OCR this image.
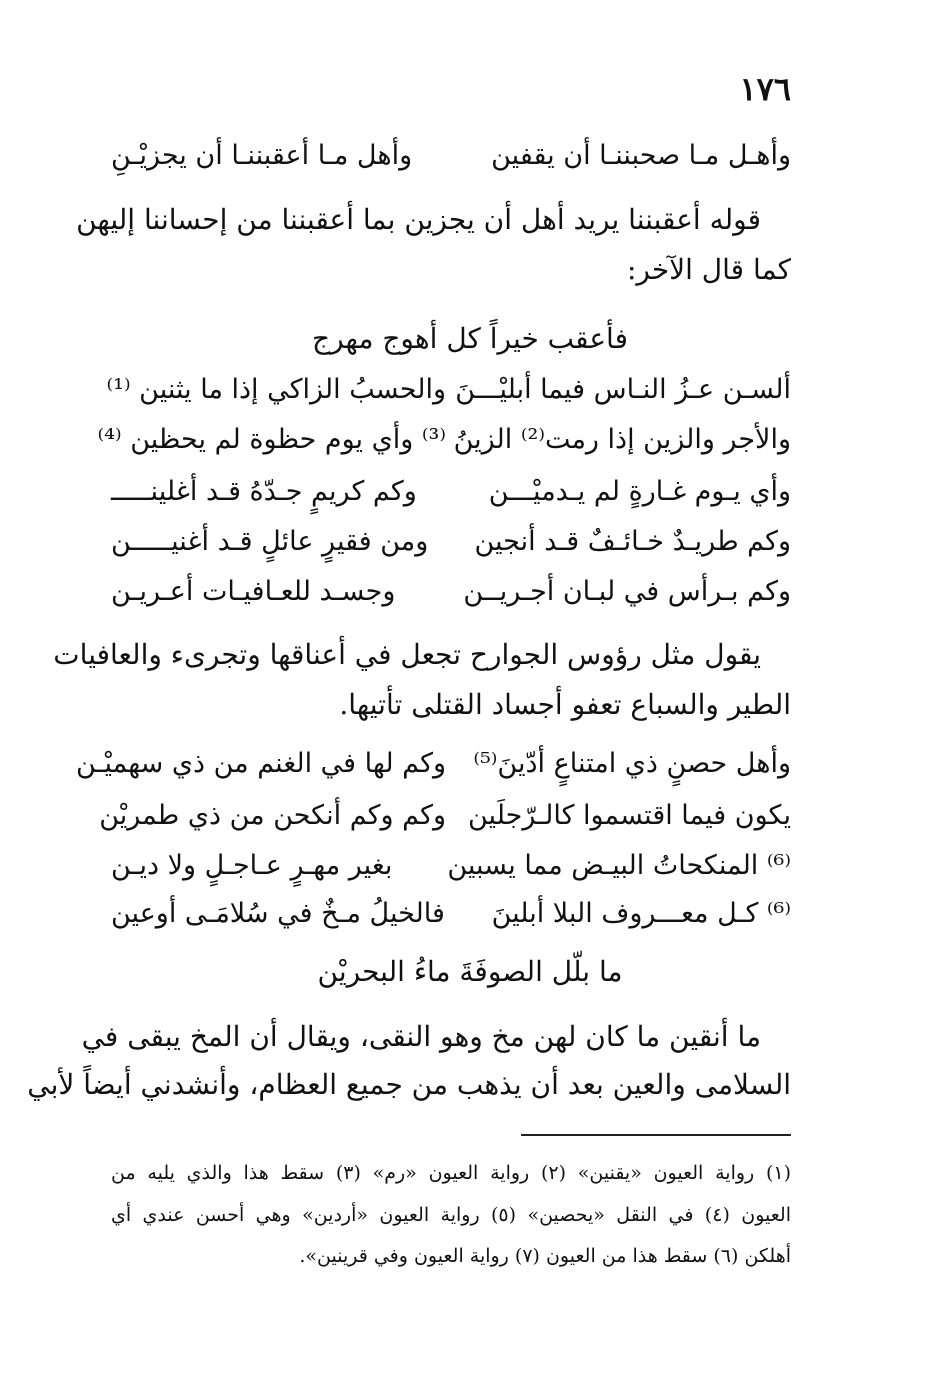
١٧٦
وأهـل مـا صحبننـا أن يقفين
وأهل مـا أعقبننـا أن يجزيْـنِ
قوله أعقبننا يريد أهل أن يجزين بما أعقبننا من إحساننا إليهن
كما قال الآخر:
فأعقب خيراً كل أهوج مهرج
ألسـن عـزُ النـاس فيما أبليْـــنَ
والحسبُ الزاكي إذا ما يثنين ⁽¹⁾
والأجر والزين إذا رمت⁽²⁾ الزينُ
⁽³⁾ وأي يوم حظوة لم يحظين ⁽⁴⁾
وأي يـوم غـارةٍ لم يـدميْـــن
وكم كريمٍ جـدّهُ قـد أغلينـــــ
وكم طريـدٌ خـائـفٌ قـد أنجين
ومن فقيرٍ عائلٍ قـد أغنيـــــن
وكم بـرأس في لبـان أجـريــن
وجسـد للعـافيـات أعـريـن
يقول مثل رؤوس الجوارح تجعل في أعناقها وتجرىء والعافيات
الطير والسباع تعفو أجساد القتلى تأتيها.
وأهل حصنٍ ذي امتناعٍ أدّينَ⁽⁵⁾
وكم لها في الغنم من ذي سهميْـن
يكون فيما اقتسموا كالـرّجلَين
وكم وكم أنكحن من ذي طمريْن
⁽⁶⁾ المنكحاتُ البيـض مما يسبين
بغير مهـرٍ عـاجـلٍ ولا ديـن
⁽⁶⁾ كـل معـــروف البلا أبلينَ
فالخيلُ مـخٌ في سُلامَـى أوعين
ما بلّل الصوفَةَ ماءُ البحريْن
ما أنقين ما كان لهن مخ وهو النقى، ويقال أن المخ يبقى في
السلامى والعين بعد أن يذهب من جميع العظام، وأنشدني أيضاً لأبي
(١) رواية العيون «يقنين» (٢) رواية العيون «رم» (٣) سقط هذا والذي يليه من
العيون (٤) في النقل «يحصين» (٥) رواية العيون «أردين» وهي أحسن عندي أي
أهلكن (٦) سقط هذا من العيون (٧) رواية العيون وفي قرينين».
